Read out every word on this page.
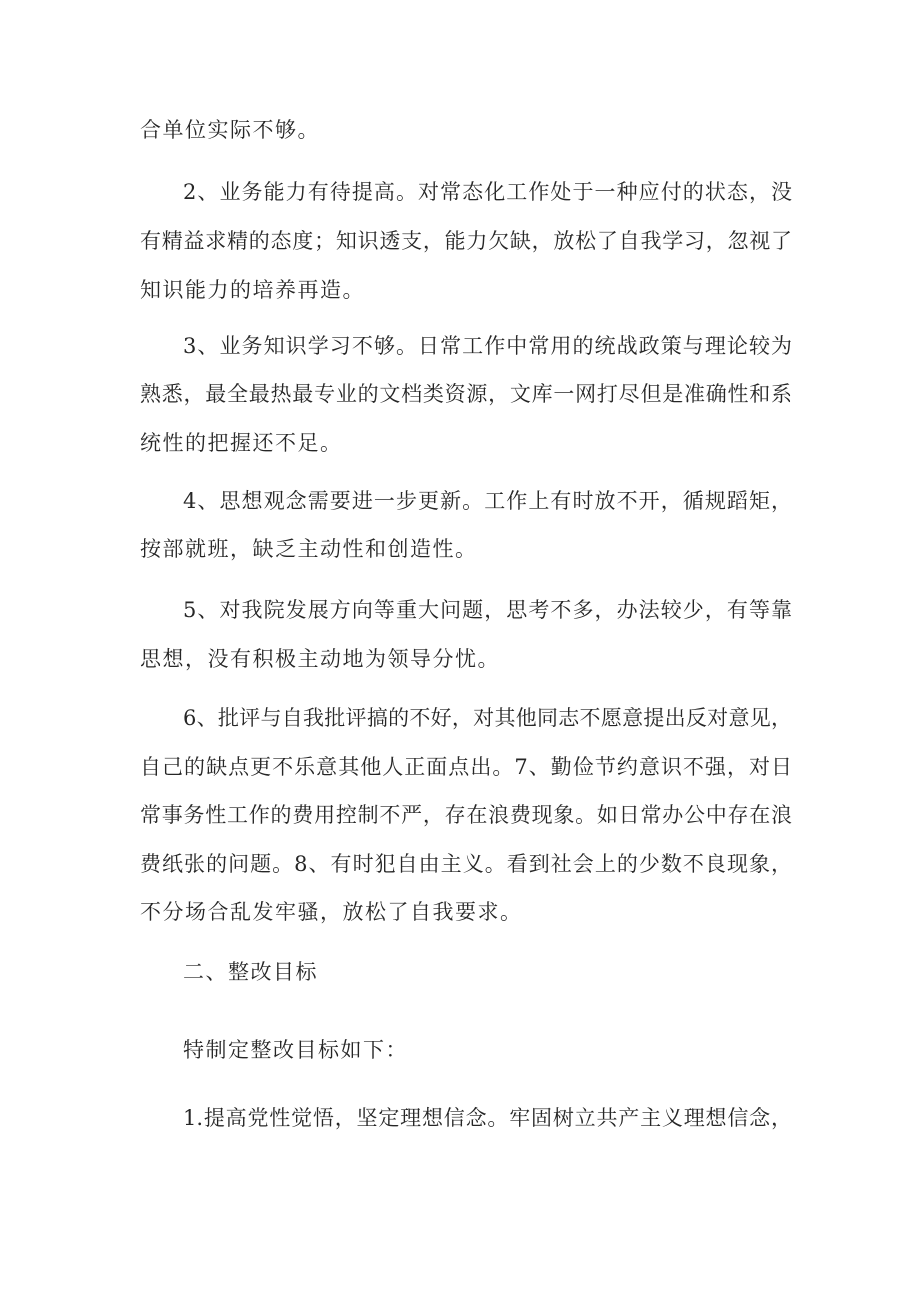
合单位实际不够。

2、业务能力有待提高。对常态化工作处于一种应付的状态，没

有精益求精的态度；知识透支，能力欠缺，放松了自我学习，忽视了

知识能力的培养再造。

3、业务知识学习不够。日常工作中常用的统战政策与理论较为

熟悉，最全最热最专业的文档类资源，文库一网打尽但是准确性和系

统性的把握还不足。

4、思想观念需要进一步更新。工作上有时放不开，循规蹈矩，

按部就班，缺乏主动性和创造性。

5、对我院发展方向等重大问题，思考不多，办法较少，有等靠

思想，没有积极主动地为领导分忧。

6、批评与自我批评搞的不好，对其他同志不愿意提出反对意见，

自己的缺点更不乐意其他人正面点出。7、勤俭节约意识不强，对日

常事务性工作的费用控制不严，存在浪费现象。如日常办公中存在浪

费纸张的问题。8、有时犯自由主义。看到社会上的少数不良现象，

不分场合乱发牢骚，放松了自我要求。

二、整改目标

特制定整改目标如下：

1.提高党性觉悟，坚定理想信念。牢固树立共产主义理想信念，
